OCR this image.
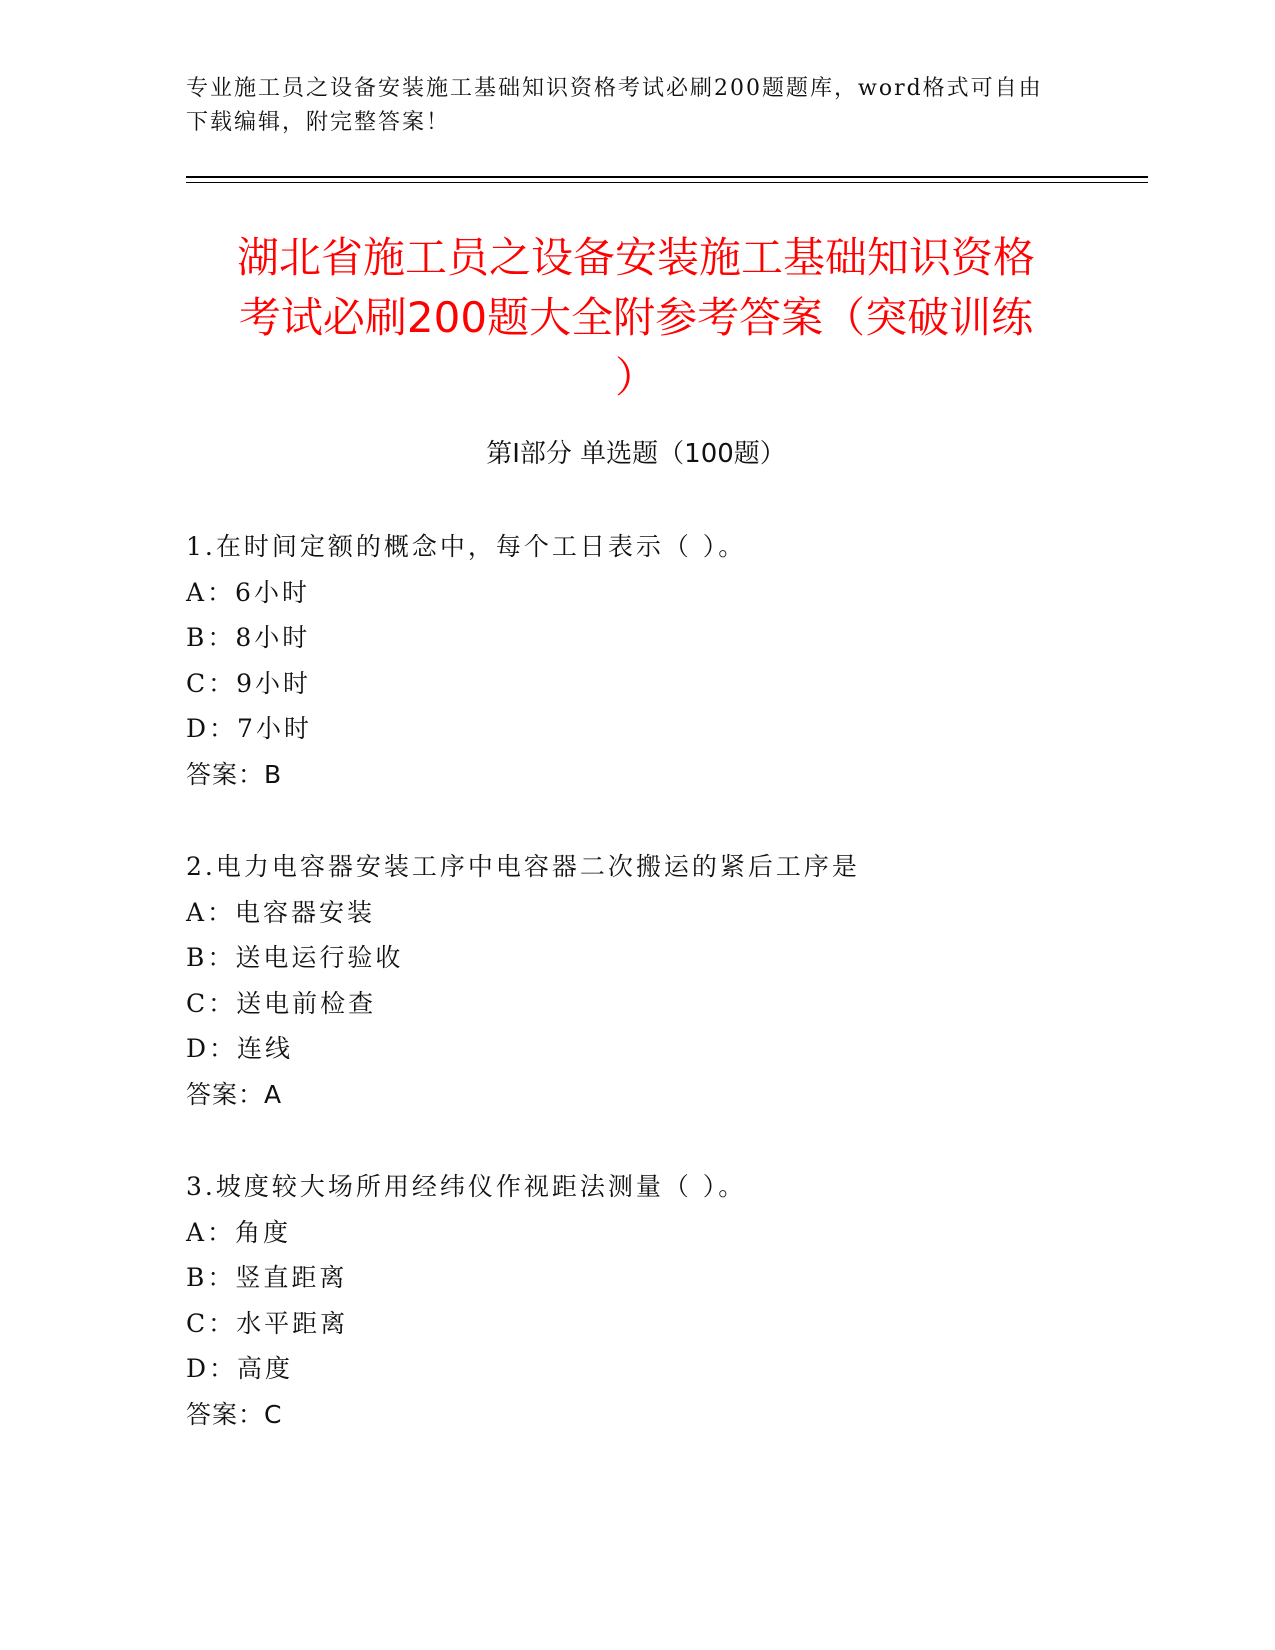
专业施工员之设备安装施工基础知识资格考试必刷200题题库，word格式可自由
下载编辑，附完整答案！

湖北省施工员之设备安装施工基础知识资格
考试必刷200题大全附参考答案（突破训练
）
第Ⅰ部分 单选题（100题）
1.在时间定额的概念中，每个工日表示（ ）。
A：6小时
B：8小时
C：9小时
D：7小时
答案：B
2.电力电容器安装工序中电容器二次搬运的紧后工序是
A：电容器安装
B：送电运行验收
C：送电前检查
D：连线
答案：A
3.坡度较大场所用经纬仪作视距法测量（ ）。
A：角度
B：竖直距离
C：水平距离
D：高度
答案：C
